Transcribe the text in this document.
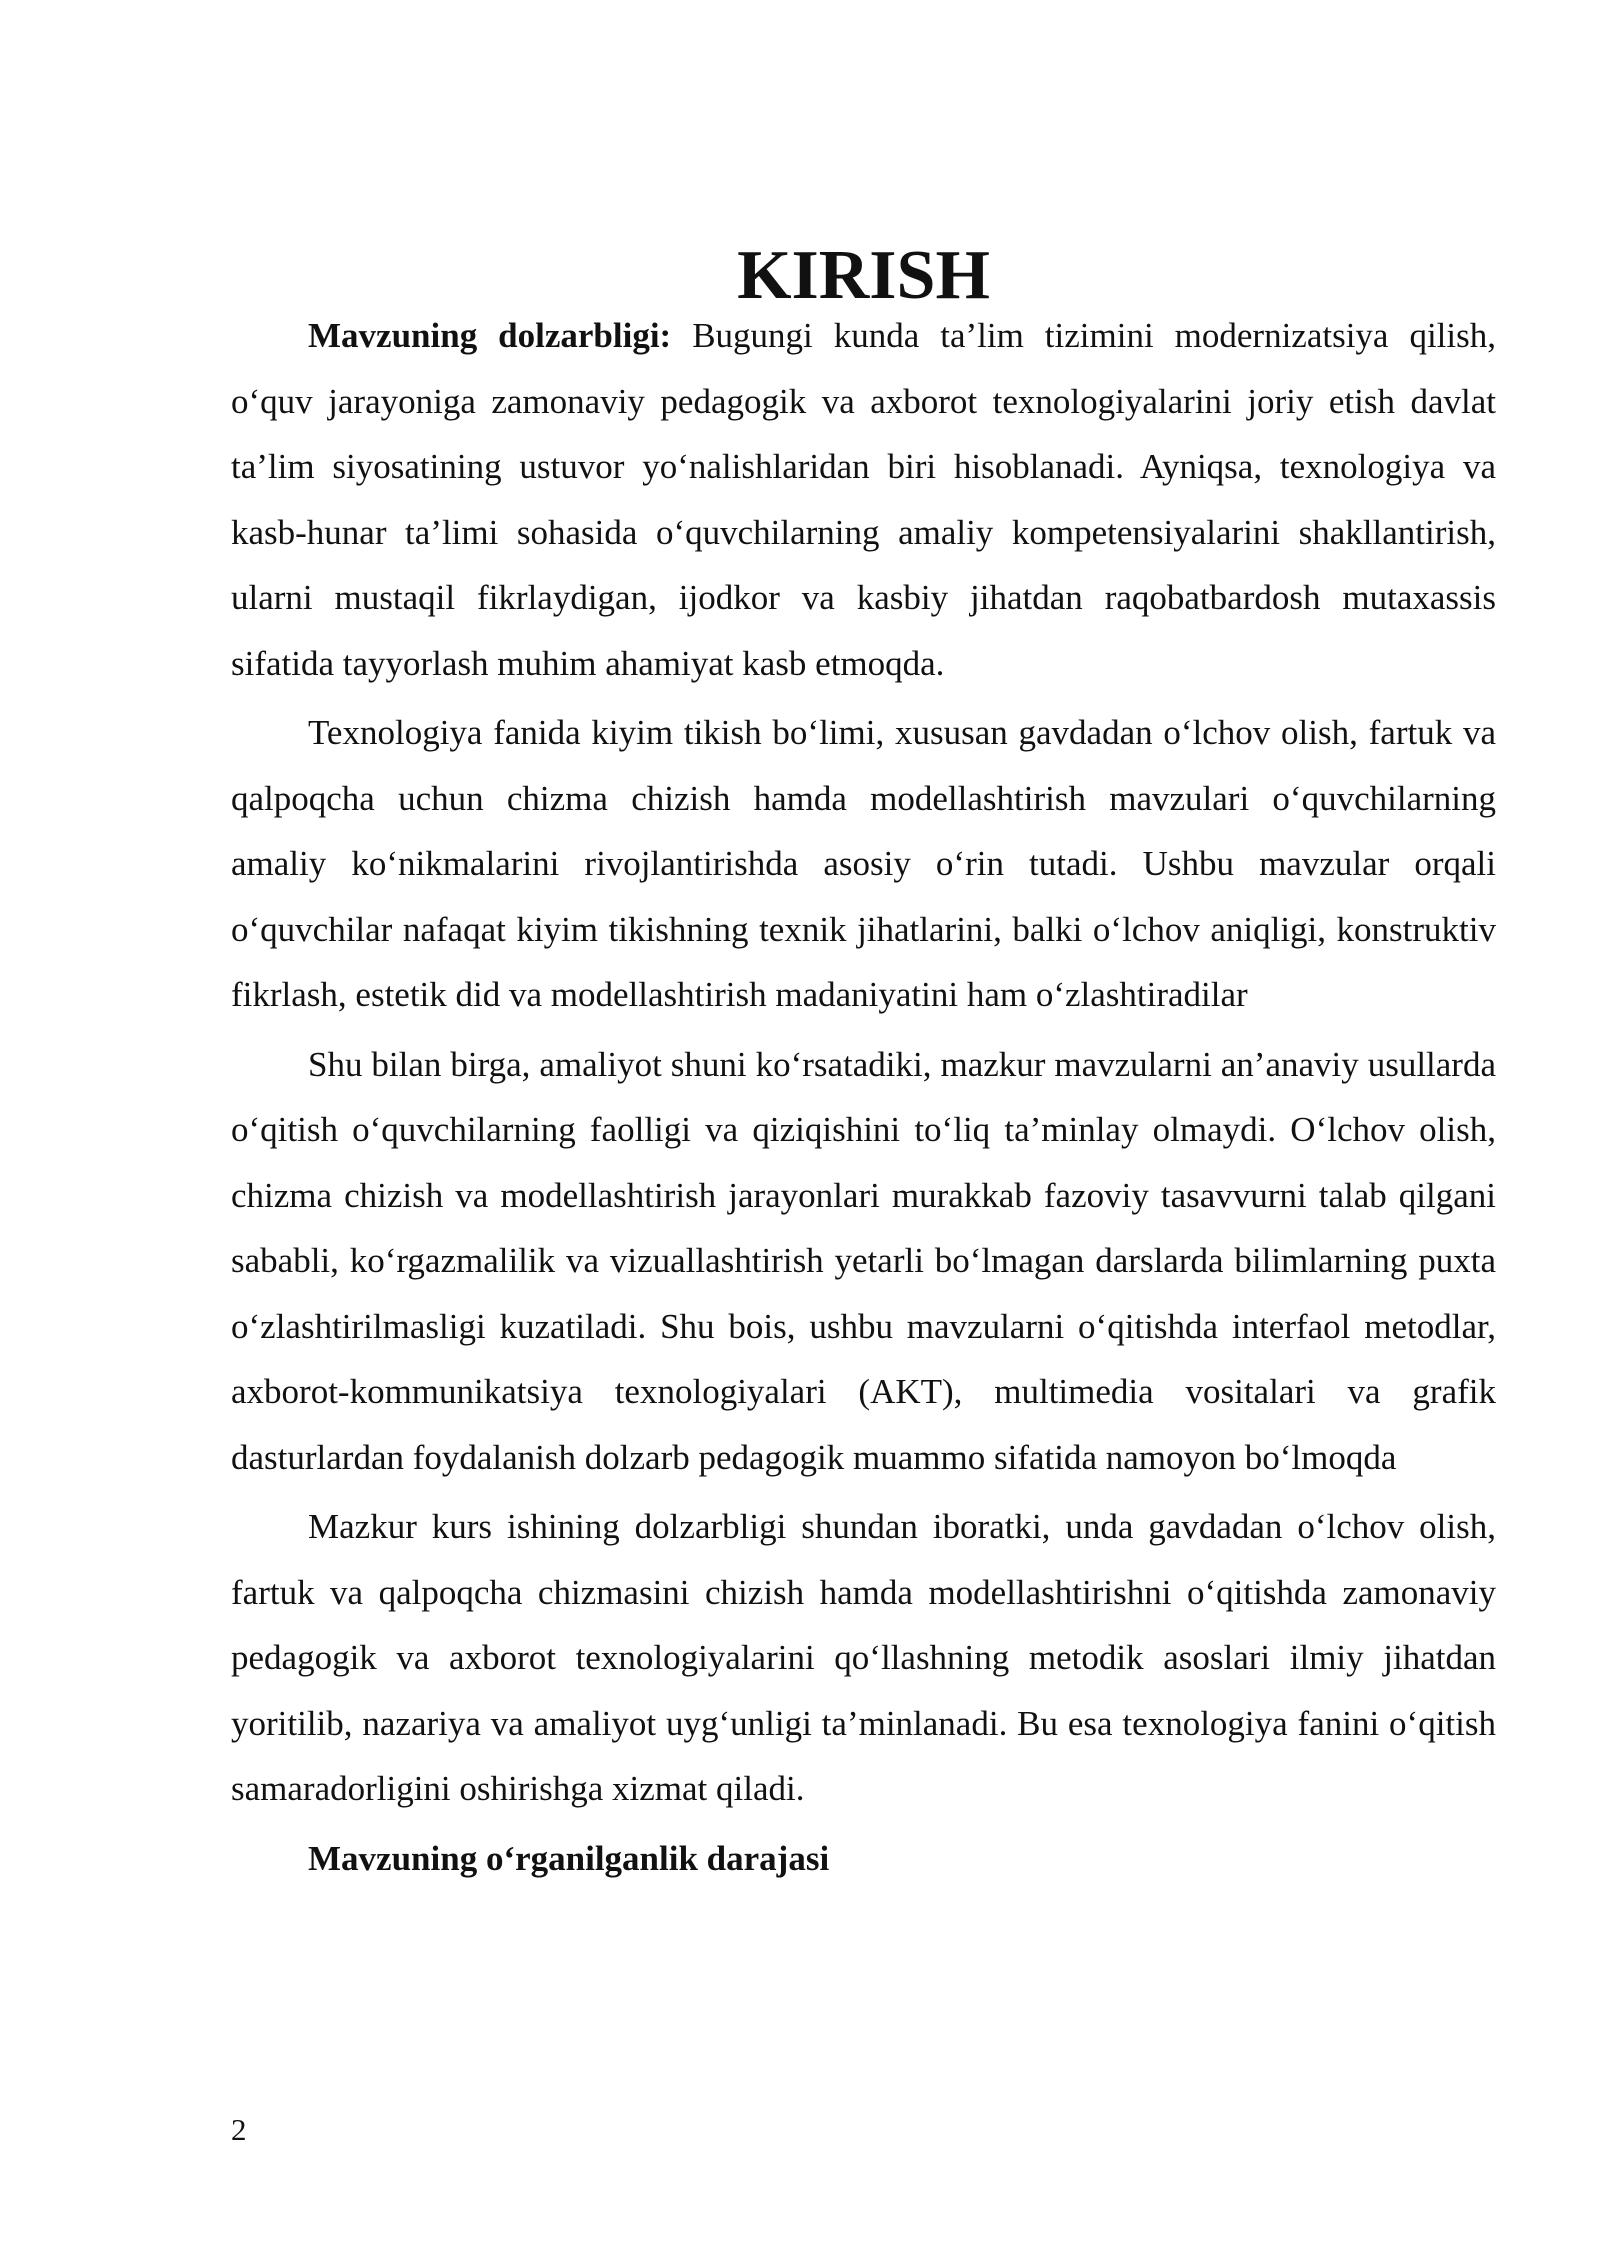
KIRISH

Mavzuning dolzarbligi: Bugungi kunda ta’lim tizimini modernizatsiya qilish, o‘quv jarayoniga zamonaviy pedagogik va axborot texnologiyalarini joriy etish davlat ta’lim siyosatining ustuvor yo‘nalishlaridan biri hisoblanadi. Ayniqsa, texnologiya va kasb-hunar ta’limi sohasida o‘quvchilarning amaliy kompetensiyalarini shakllantirish, ularni mustaqil fikrlaydigan, ijodkor va kasbiy jihatdan raqobatbardosh mutaxassis sifatida tayyorlash muhim ahamiyat kasb etmoqda.

Texnologiya fanida kiyim tikish bo‘limi, xususan gavdadan o‘lchov olish, fartuk va qalpoqcha uchun chizma chizish hamda modellashtirish mavzulari o‘quvchilarning amaliy ko‘nikmalarini rivojlantirishda asosiy o‘rin tutadi. Ushbu mavzular orqali o‘quvchilar nafaqat kiyim tikishning texnik jihatlarini, balki o‘lchov aniqligi, konstruktiv fikrlash, estetik did va modellashtirish madaniyatini ham o‘zlashtiradilar

Shu bilan birga, amaliyot shuni ko‘rsatadiki, mazkur mavzularni an’anaviy usullarda o‘qitish o‘quvchilarning faolligi va qiziqishini to‘liq ta’minlay olmaydi. O‘lchov olish, chizma chizish va modellashtirish jarayonlari murakkab fazoviy tasavvurni talab qilgani sababli, ko‘rgazmalilik va vizuallashtirish yetarli bo‘lmagan darslarda bilimlarning puxta o‘zlashtirilmasligi kuzatiladi. Shu bois, ushbu mavzularni o‘qitishda interfaol metodlar, axborot-kommunikatsiya texnologiyalari (AKT), multimedia vositalari va grafik dasturlardan foydalanish dolzarb pedagogik muammo sifatida namoyon bo‘lmoqda

Mazkur kurs ishining dolzarbligi shundan iboratki, unda gavdadan o‘lchov olish, fartuk va qalpoqcha chizmasini chizish hamda modellashtirishni o‘qitishda zamonaviy pedagogik va axborot texnologiyalarini qo‘llashning metodik asoslari ilmiy jihatdan yoritilib, nazariya va amaliyot uyg‘unligi ta’minlanadi. Bu esa texnologiya fanini o‘qitish samaradorligini oshirishga xizmat qiladi.

Mavzuning o‘rganilganlik darajasi

2
